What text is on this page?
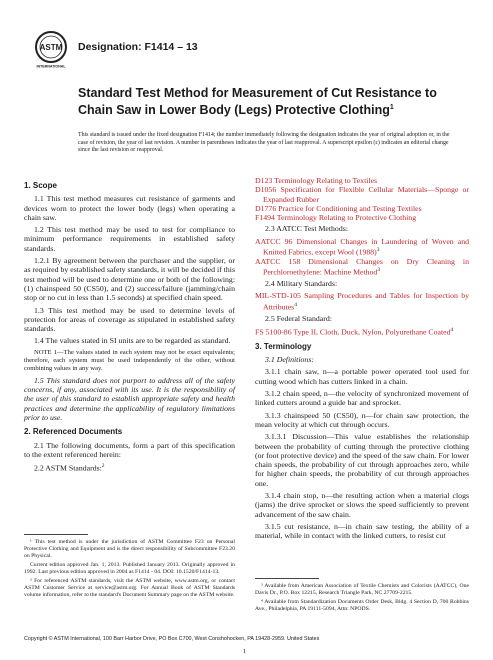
ASTM
INTERNATIONAL
Designation: F1414 – 13
Standard Test Method for Measurement of Cut Resistance to Chain Saw in Lower Body (Legs) Protective Clothing$^1$
This standard is issued under the fixed designation F1414; the number immediately following the designation indicates the year of original adoption or, in the case of revision, the year of last revision. A number in parentheses indicates the year of last reapproval. A superscript epsilon (ε) indicates an editorial change since the last revision or reapproval.

1. Scope

1.1 This test method measures cut resistance of garments and devices worn to protect the lower body (legs) when operating a chain saw.

1.2 This test method may be used to test for compliance to minimum performance requirements in established safety standards.

1.2.1 By agreement between the purchaser and the supplier, or as required by established safety standards, it will be decided if this test method will be used to determine one or both of the following: (1) chainspeed 50 (CS50), and (2) success/failure (jamming/chain stop or no cut in less than 1.5 seconds) at specified chain speed.

1.3 This test method may be used to determine levels of protection for areas of coverage as stipulated in established safety standards.

1.4 The values stated in SI units are to be regarded as standard.

NOTE 1—The values stated in each system may not be exact equivalents; therefore, each system must be used independently of the other, without combining values in any way.

1.5 This standard does not purport to address all of the safety concerns, if any, associated with its use. It is the responsibility of the user of this standard to establish appropriate safety and health practices and determine the applicability of regulatory limitations prior to use.

2. Referenced Documents

2.1 The following documents, form a part of this specification to the extent referenced herein:

2.2 ASTM Standards:$^2$

D123 Terminology Relating to Textiles

D1056 Specification for Flexible Cellular Materials—Sponge or Expanded Rubber

D1776 Practice for Conditioning and Testing Textiles

F1494 Terminology Relating to Protective Clothing

2.3 AATCC Test Methods:

AATCC 96 Dimensional Changes in Laundering of Woven and Knitted Fabrics, except Wool $(1988)^3$

AATCC 158 Dimensional Changes on Dry Cleaning in Perchloroethylene: Machine Method$^3$

2.4 Military Standards:

MIL-STD-105 Sampling Procedures and Tables for Inspection by Attributes$^4$

2.5 Federal Standard:

FS 5100-86 Type II, Cloth, Duck, Nylon, Polyurethane Coated$^4$

3. Terminology

3.1 Definitions:

3.1.1 chain saw, n—a portable power operated tool used for cutting wood which has cutters linked in a chain.

3.1.2 chain speed, n—the velocity of synchronized movement of linked cutters around a guide bar and sprocket.

3.1.3 chainspeed 50 (CS50), n—for chain saw protection, the mean velocity at which cut through occurs.

3.1.3.1 Discussion—This value establishes the relationship between the probability of cutting through the protective clothing (or foot protective device) and the speed of the saw chain. For lower chain speeds, the probability of cut through approaches zero, while for higher chain speeds, the probability of cut through approaches one.

3.1.4 chain stop, n—the resulting action when a material clogs (jams) the drive sprocket or slows the speed sufficiently to prevent advancement of the saw chain.

3.1.5 cut resistance, n—in chain saw testing, the ability of a material, while in contact with the linked cutters, to resist cut

¹ This test method is under the jurisdiction of ASTM Committee F23 on Personal Protective Clothing and Equipment and is the direct responsibility of Subcommittee F23.20 on Physical.
Current edition approved Jan. 1, 2013. Published January 2013. Originally approved in 1992. Last previous edition approved in 2004 as F1414 - 04. DOI: 10.1520/F1414-13.
² For referenced ASTM standards, visit the ASTM website, www.astm.org, or contact ASTM Customer Service at service@astm.org. For Annual Book of ASTM Standards volume information, refer to the standard's Document Summary page on the ASTM website.
³ Available from American Association of Textile Chemists and Colorists (AATCC), One Davis Dr., P.O. Box 12215, Research Triangle Park, NC 27709-2215.
⁴ Available from Standardization Documents Order Desk, Bldg. 4 Section D, 700 Robbins Ave., Philadelphia, PA 19111-5094, Attn: NPODS.
Copyright © ASTM International, 100 Barr Harbor Drive, PO Box C700, West Conshohocken, PA 19428-2959. United States
1
